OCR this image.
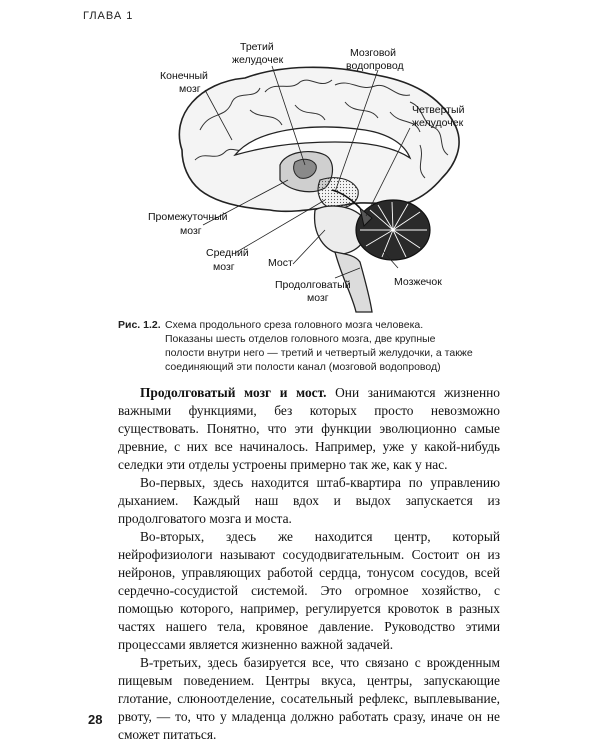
ГЛАВА 1
Третий
желудочек
Мозговой
водопровод
Конечный
мозг
Четвертый
желудочек
Промежуточный
мозг
Средний
мозг	Мост
Продолговатый
мозг
Мозжечок
Рис. 1.2. Схема продольного среза головного мозга человека.
Показаны шесть отделов головного мозга, две крупные
полости внутри него — третий и четвертый желудочки, а также
соединяющий эти полости канал (мозговой водопровод)

Продолговатый мозг и мост. Они занимаются жизненно важными функциями, без которых просто невозможно существовать. Понятно, что эти функции эволюционно самые древние, с них все начиналось. Например, уже у какой-нибудь селедки эти отделы устроены примерно так же, как у нас.

Во-первых, здесь находится штаб-квартира по управлению дыханием. Каждый наш вдох и выдох запускается из продолговатого мозга и моста.

Во-вторых, здесь же находится центр, который нейрофизиологи называют сосудодвигательным. Состоит он из нейронов, управляющих работой сердца, тонусом сосудов, всей сердечно-сосудистой системой. Это огромное хозяйство, с помощью которого, например, регулируется кровоток в разных частях нашего тела, кровяное давление. Руководство этими процессами является жизненно важной задачей.

В-третьих, здесь базируется все, что связано с врожденным пищевым поведением. Центры вкуса, центры, запускающие глотание, слюноотделение, сосательный рефлекс, выплевывание, рвоту, — то, что у младенца должно работать сразу, иначе он не сможет питаться.

28
